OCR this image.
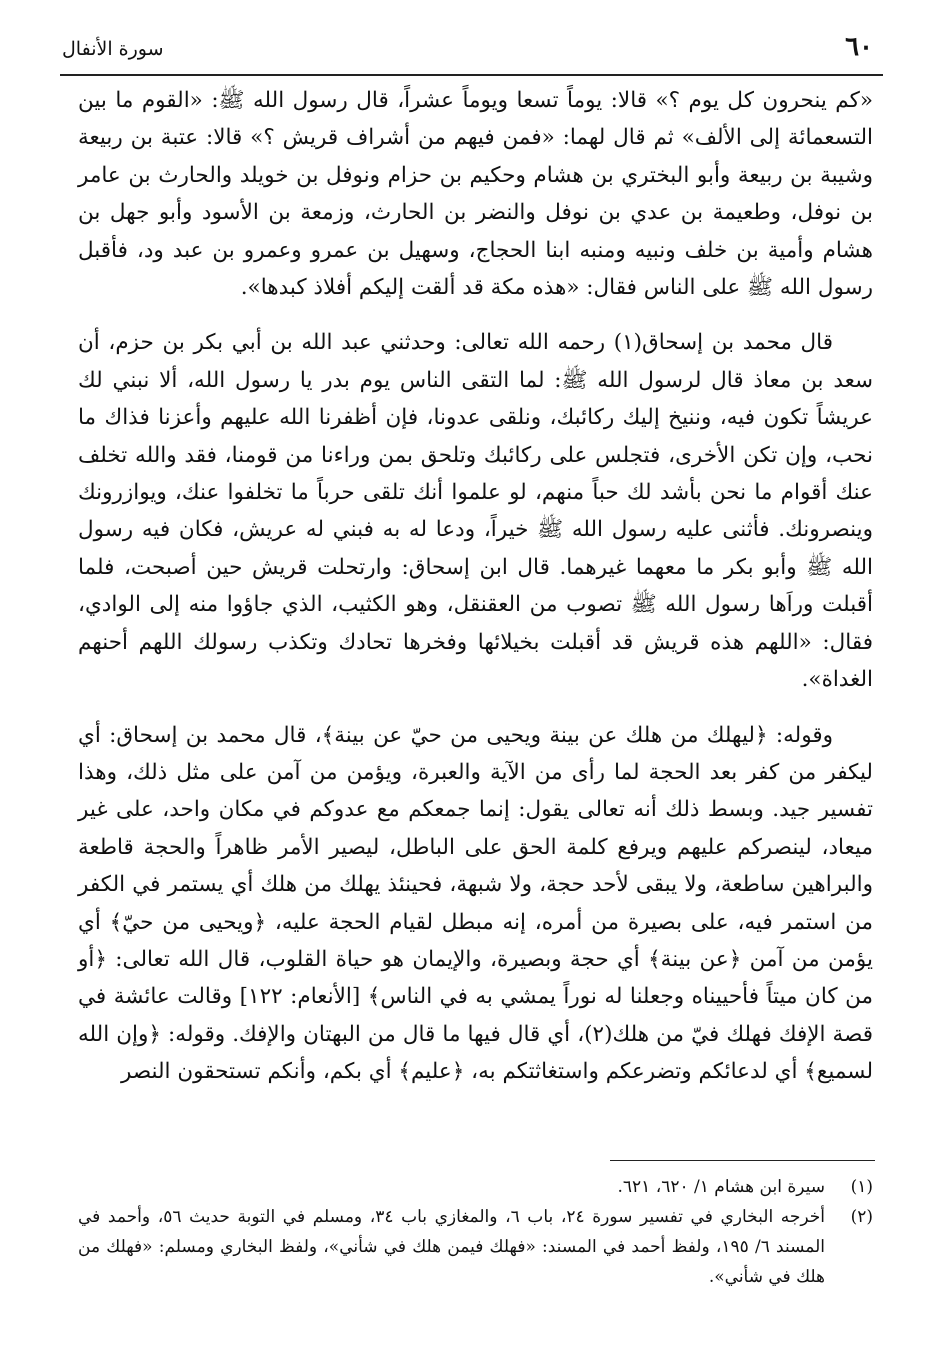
٦٠
سورة الأنفال

«كم ينحرون كل يوم ؟» قالا: يوماً تسعا ويوماً عشراً، قال رسول الله ﷺ: «القوم ما بين التسعمائة إلى الألف» ثم قال لهما: «فمن فيهم من أشراف قريش ؟» قالا: عتبة بن ربيعة وشيبة بن ربيعة وأبو البختري بن هشام وحكيم بن حزام ونوفل بن خويلد والحارث بن عامر بن نوفل، وطعيمة بن عدي بن نوفل والنضر بن الحارث، وزمعة بن الأسود وأبو جهل بن هشام وأمية بن خلف ونبيه ومنبه ابنا الحجاج، وسهيل بن عمرو وعمرو بن عبد ود، فأقبل رسول الله ﷺ على الناس فقال: «هذه مكة قد ألقت إليكم أفلاذ كبدها».

قال محمد بن إسحاق(١) رحمه الله تعالى: وحدثني عبد الله بن أبي بكر بن حزم، أن سعد بن معاذ قال لرسول الله ﷺ: لما التقى الناس يوم بدر يا رسول الله، ألا نبني لك عريشاً تكون فيه، وننيخ إليك ركائبك، ونلقى عدونا، فإن أظفرنا الله عليهم وأعزنا فذاك ما نحب، وإن تكن الأخرى، فتجلس على ركائبك وتلحق بمن وراءنا من قومنا، فقد والله تخلف عنك أقوام ما نحن بأشد لك حباً منهم، لو علموا أنك تلقى حرباً ما تخلفوا عنك، ويوازرونك وينصرونك. فأثنى عليه رسول الله ﷺ خيراً، ودعا له به فبني له عريش، فكان فيه رسول الله ﷺ وأبو بكر ما معهما غيرهما. قال ابن إسحاق: وارتحلت قريش حين أصبحت، فلما أقبلت وراَها رسول الله ﷺ تصوب من العقنقل، وهو الكثيب، الذي جاؤوا منه إلى الوادي، فقال: «اللهم هذه قريش قد أقبلت بخيلائها وفخرها تحادك وتكذب رسولك اللهم أحنهم الغداة».

وقوله: ﴿ليهلك من هلك عن بينة ويحيى من حيّ عن بينة﴾، قال محمد بن إسحاق: أي ليكفر من كفر بعد الحجة لما رأى من الآية والعبرة، ويؤمن من آمن على مثل ذلك، وهذا تفسير جيد. وبسط ذلك أنه تعالى يقول: إنما جمعكم مع عدوكم في مكان واحد، على غير ميعاد، لينصركم عليهم ويرفع كلمة الحق على الباطل، ليصير الأمر ظاهراً والحجة قاطعة والبراهين ساطعة، ولا يبقى لأحد حجة، ولا شبهة، فحينئذ يهلك من هلك أي يستمر في الكفر من استمر فيه، على بصيرة من أمره، إنه مبطل لقيام الحجة عليه، ﴿ويحيى من حيّ﴾ أي يؤمن من آمن ﴿عن بينة﴾ أي حجة وبصيرة، والإيمان هو حياة القلوب، قال الله تعالى: ﴿أو من كان ميتاً فأحييناه وجعلنا له نوراً يمشي به في الناس﴾ [الأنعام: ١٢٢] وقالت عائشة في قصة الإفك فهلك فيّ من هلك(٢)، أي قال فيها ما قال من البهتان والإفك. وقوله: ﴿وإن الله لسميع﴾ أي لدعائكم وتضرعكم واستغاثتكم به، ﴿عليم﴾ أي بكم، وأنكم تستحقون النصر

(١)
سيرة ابن هشام ١/ ٦٢٠، ٦٢١.
(٢)
أخرجه البخاري في تفسير سورة ٢٤، باب ٦، والمغازي باب ٣٤، ومسلم في التوبة حديث ٥٦، وأحمد في المسند ٦/ ١٩٥، ولفظ أحمد في المسند: «فهلك فيمن هلك في شأني»، ولفظ البخاري ومسلم: «فهلك من هلك في شأني».
